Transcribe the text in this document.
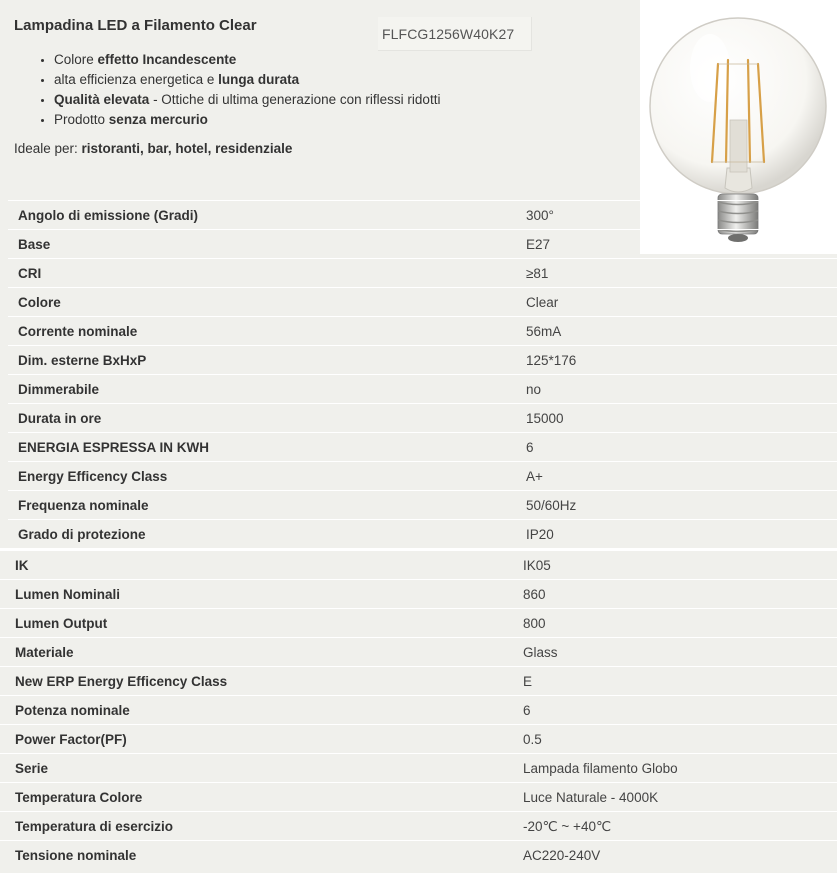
Lampadina LED a Filamento Clear	FLFCG1256W40K27
• Colore effetto Incandescente
• alta efficienza energetica e lunga durata
• Qualità elevata - Ottiche di ultima generazione con riflessi ridotti
• Prodotto senza mercurio
Ideale per: ristoranti, bar, hotel, residenziale
Angolo di emissione (Gradi)	300°
Base	E27
CRI	≥81
Colore	Clear
Corrente nominale	56mA
Dim. esterne BxHxP	125*176
Dimmerabile	no
Durata in ore	15000
ENERGIA ESPRESSA IN KWH	6
Energy Efficency Class	A+
Frequenza nominale	50/60Hz
Grado di protezione	IP20
IK	IK05
Lumen Nominali	860
Lumen Output	800
Materiale	Glass
New ERP Energy Efficency Class	E
Potenza nominale	6
Power Factor(PF)	0.5
Serie	Lampada filamento Globo
Temperatura Colore	Luce Naturale - 4000K
Temperatura di esercizio	-20℃ ~ +40℃
Tensione nominale	AC220-240V
